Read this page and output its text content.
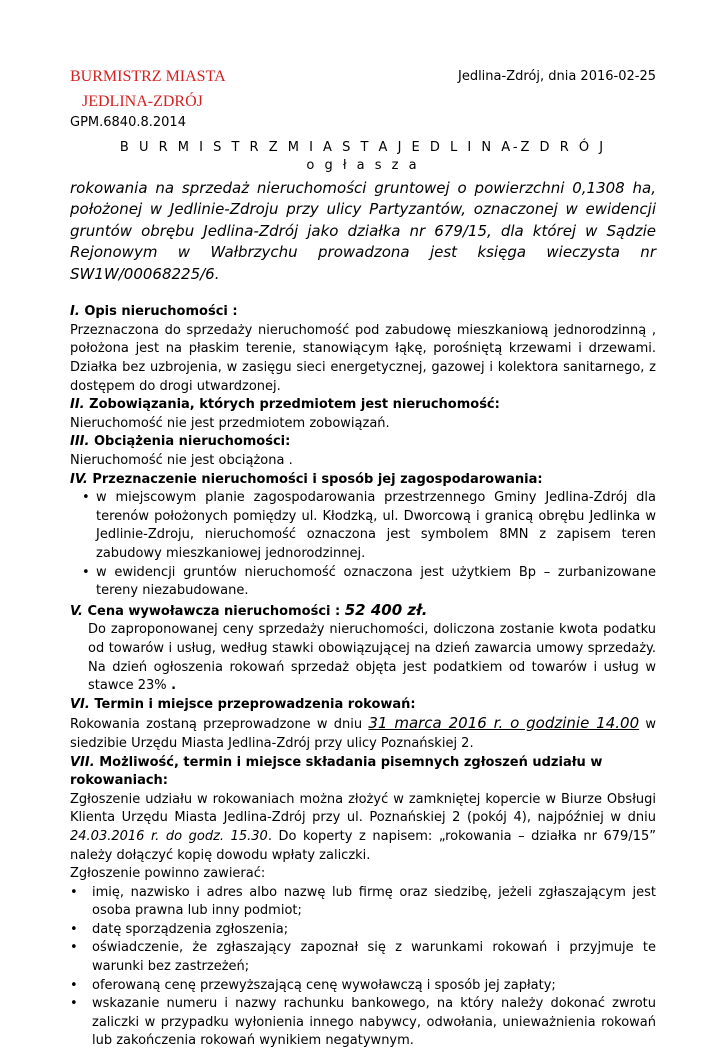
BURMISTRZ MIASTA
JEDLINA-ZDRÓJ
Jedlina-Zdrój, dnia 2016-02-25
GPM.6840.8.2014
B U R M I S T R Z M I A S T A J E D L I N A-Z D R Ó J
o g ł a s z a
rokowania na sprzedaż nieruchomości gruntowej o powierzchni 0,1308 ha, położonej w Jedlinie-Zdroju przy ulicy Partyzantów, oznaczonej w ewidencji gruntów obrębu Jedlina-Zdrój jako działka nr 679/15, dla której w Sądzie Rejonowym w Wałbrzychu prowadzona jest księga wieczysta nr SW1W/00068225/6.
I. Opis nieruchomości :
Przeznaczona do sprzedaży nieruchomość pod zabudowę mieszkaniową jednorodzinną , położona jest na płaskim terenie, stanowiącym łąkę, porośniętą krzewami i drzewami. Działka bez uzbrojenia, w zasięgu sieci energetycznej, gazowej i kolektora sanitarnego, z dostępem do drogi utwardzonej.
II. Zobowiązania, których przedmiotem jest nieruchomość:
Nieruchomość nie jest przedmiotem zobowiązań.
III. Obciążenia nieruchomości:
Nieruchomość nie jest obciążona .
IV. Przeznaczenie nieruchomości i sposób jej zagospodarowania:
• w miejscowym planie zagospodarowania przestrzennego Gminy Jedlina-Zdrój dla terenów położonych pomiędzy ul. Kłodzką, ul. Dworcową i granicą obrębu Jedlinka w Jedlinie-Zdroju, nieruchomość oznaczona jest symbolem 8MN z zapisem teren zabudowy mieszkaniowej jednorodzinnej.
• w ewidencji gruntów nieruchomość oznaczona jest użytkiem Bp – zurbanizowane tereny niezabudowane.
V. Cena wywoławcza nieruchomości : 52 400 zł.
Do zaproponowanej ceny sprzedaży nieruchomości, doliczona zostanie kwota podatku od towarów i usług, według stawki obowiązującej na dzień zawarcia umowy sprzedaży. Na dzień ogłoszenia rokowań sprzedaż objęta jest podatkiem od towarów i usług w stawce 23% .
VI. Termin i miejsce przeprowadzenia rokowań:
Rokowania zostaną przeprowadzone w dniu 31 marca 2016 r. o godzinie 14.00 w siedzibie Urzędu Miasta Jedlina-Zdrój przy ulicy Poznańskiej 2.
VII. Możliwość, termin i miejsce składania pisemnych zgłoszeń udziału w rokowaniach:
Zgłoszenie udziału w rokowaniach można złożyć w zamkniętej kopercie w Biurze Obsługi Klienta Urzędu Miasta Jedlina-Zdrój przy ul. Poznańskiej 2 (pokój 4), najpóźniej w dniu 24.03.2016 r. do godz. 15.30. Do koperty z napisem: „rokowania – działka nr 679/15” należy dołączyć kopię dowodu wpłaty zaliczki.
Zgłoszenie powinno zawierać:
• imię, nazwisko i adres albo nazwę lub firmę oraz siedzibę, jeżeli zgłaszającym jest osoba prawna lub inny podmiot;
• datę sporządzenia zgłoszenia;
• oświadczenie, że zgłaszający zapoznał się z warunkami rokowań i przyjmuje te warunki bez zastrzeżeń;
• oferowaną cenę przewyższającą cenę wywoławczą i sposób jej zapłaty;
• wskazanie numeru i nazwy rachunku bankowego, na który należy dokonać zwrotu zaliczki w przypadku wyłonienia innego nabywcy, odwołania, unieważnienia rokowań lub zakończenia rokowań wynikiem negatywnym.
